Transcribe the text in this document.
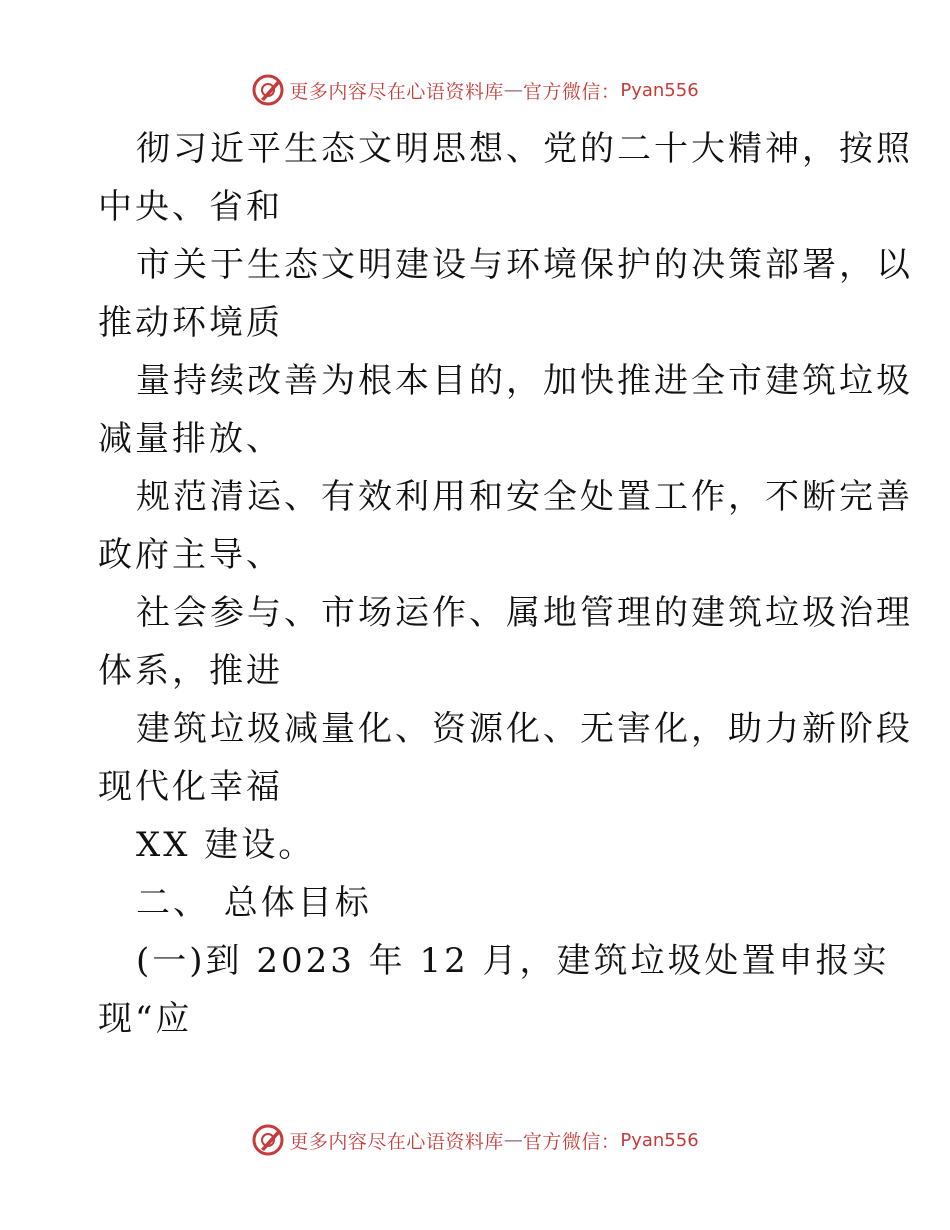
更多内容尽在心语资料库 — 官方微信： Pyan556
彻习近平生态文明思想、党的二十大精神，按照
中央、省和
市关于生态文明建设与环境保护的决策部署，以
推动环境质
量持续改善为根本目的，加快推进全市建筑垃圾
减量排放、
规范清运、有效利用和安全处置工作，不断完善
政府主导、
社会参与、市场运作、属地管理的建筑垃圾治理
体系，推进
建筑垃圾减量化、资源化、无害化，助力新阶段
现代化幸福
XX 建设。
二、 总体目标
(一)到 2023 年 12 月，建筑垃圾处置申报实
现“应
更多内容尽在心语资料库 — 官方微信： Pyan556
